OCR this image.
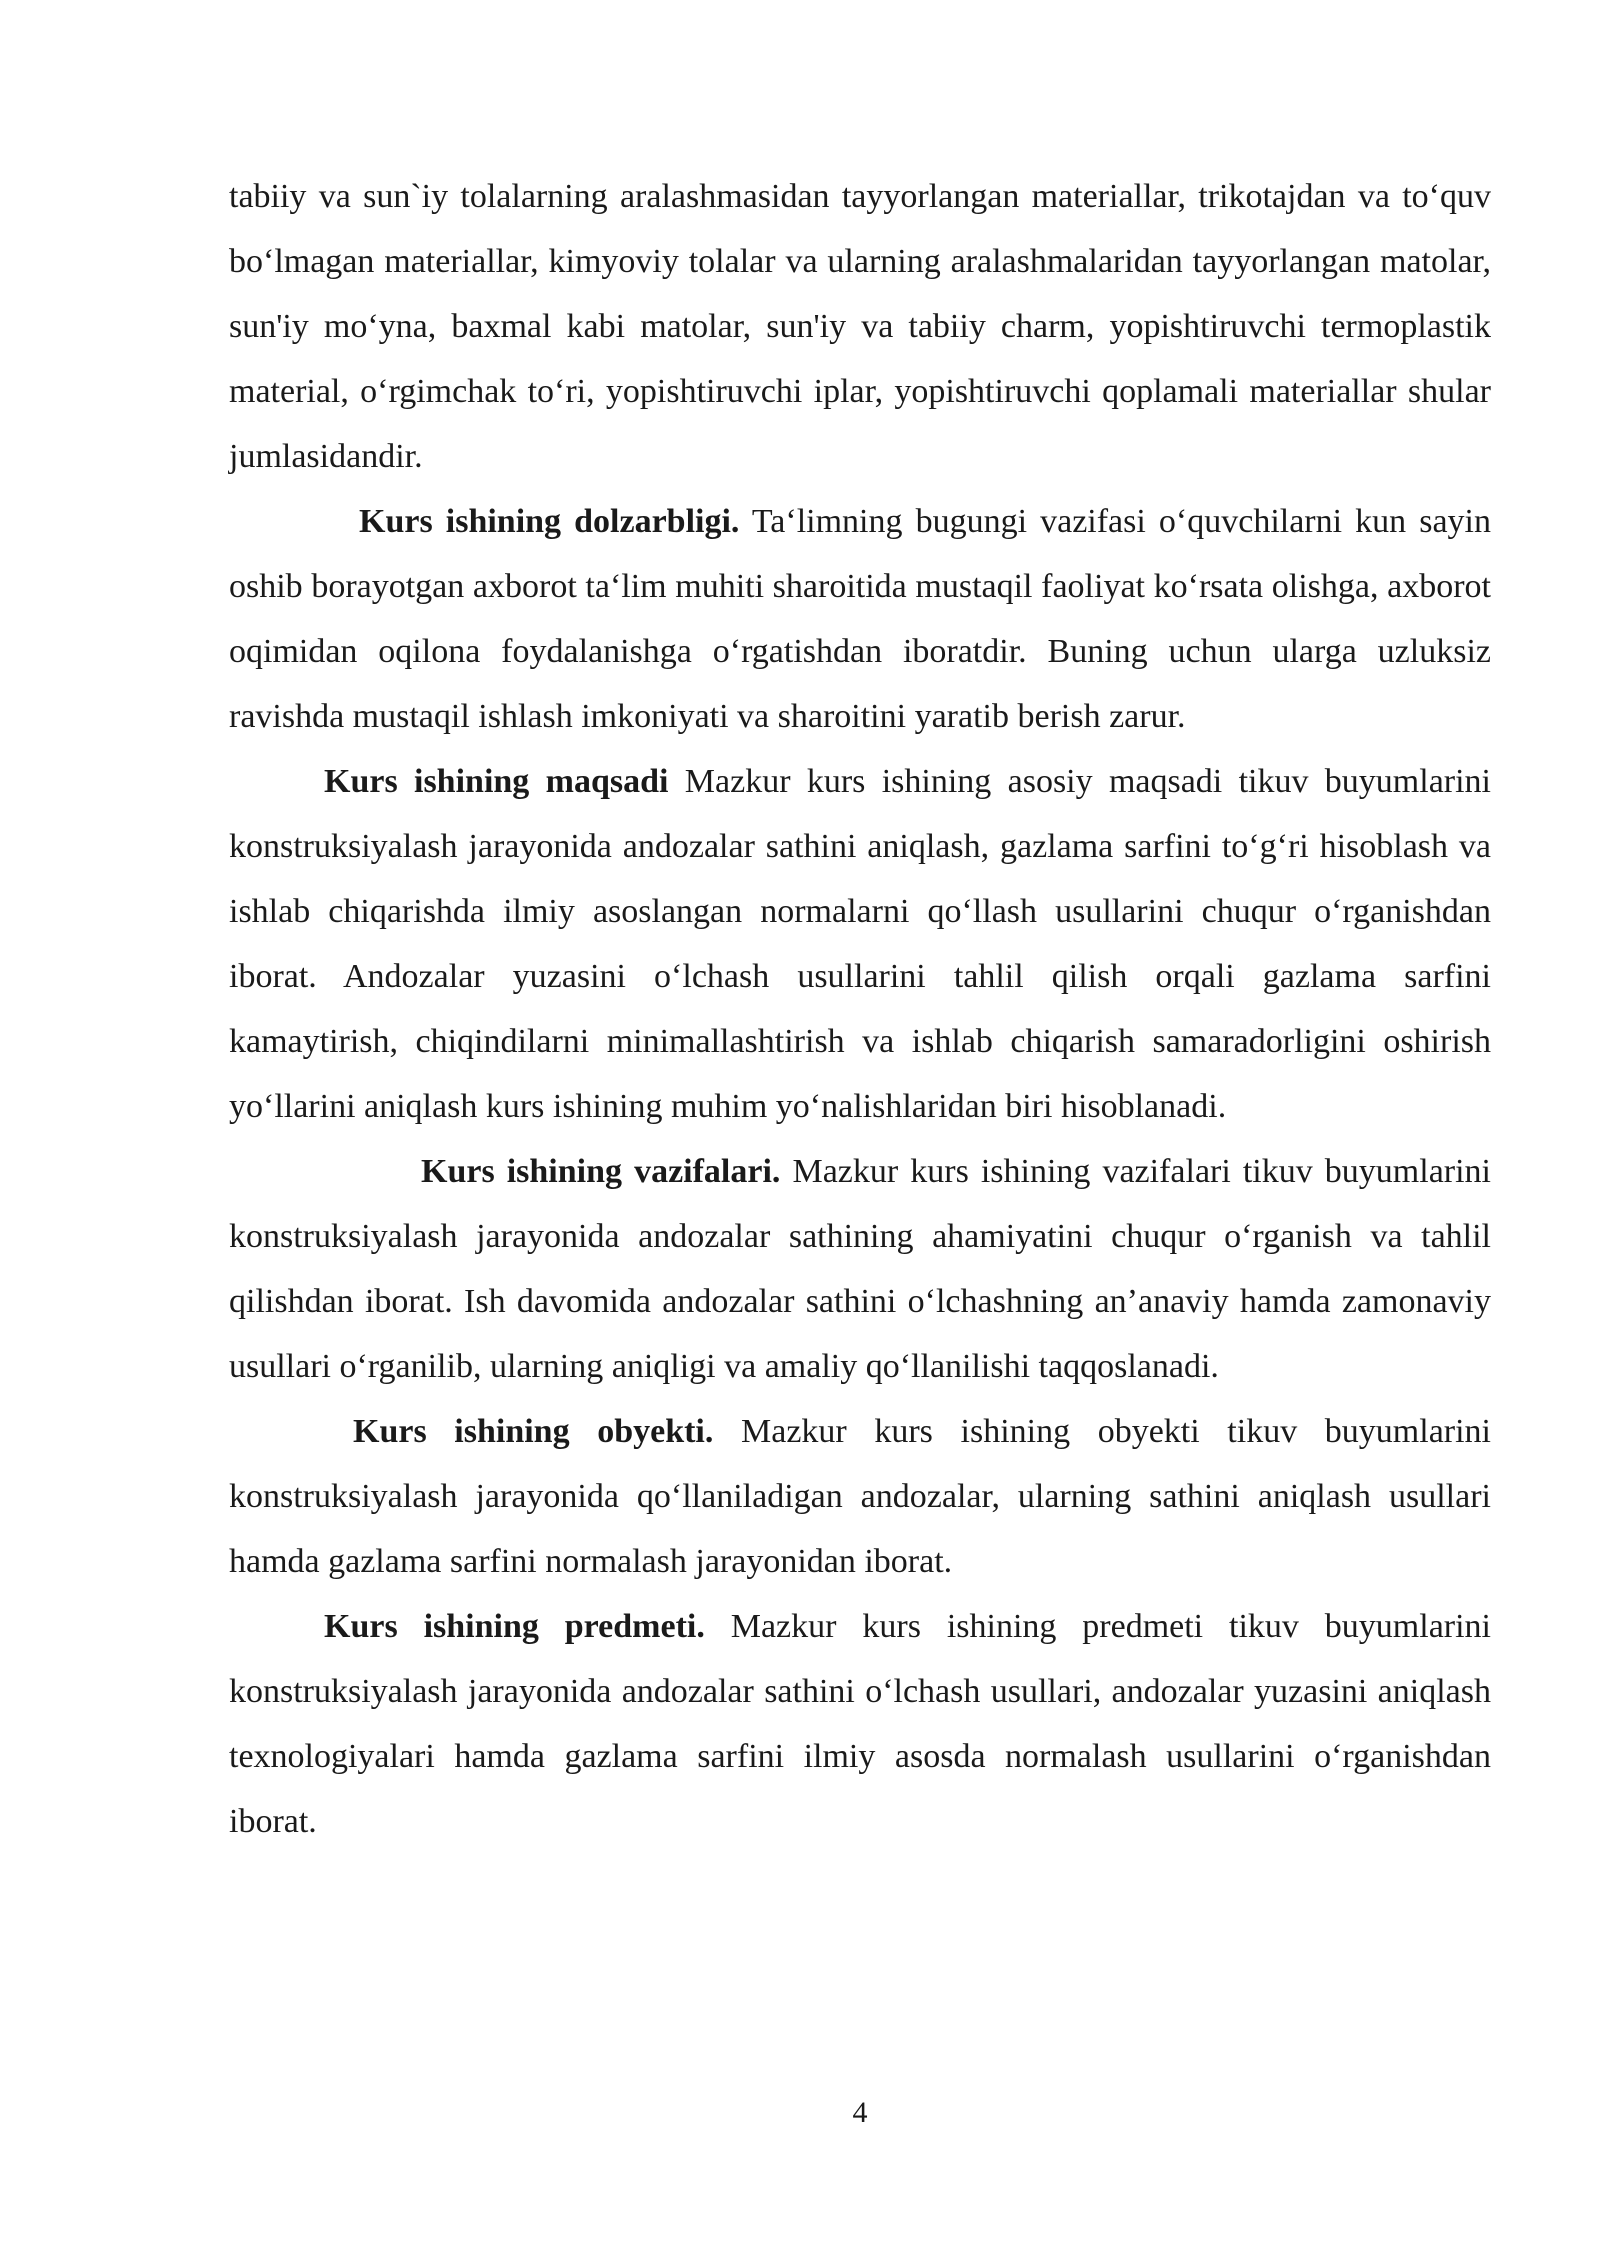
tabiiy va sun`iy tolalarning aralashmasidan tayyorlangan materiallar, trikotajdan va to‘quv bo‘lmagan materiallar, kimyoviy tolalar va ularning aralashmalaridan tayyorlangan matolar, sun'iy mo‘yna, baxmal kabi matolar, sun'iy va tabiiy charm, yopishtiruvchi termoplastik material, o‘rgimchak to‘ri, yopishtiruvchi iplar, yopishtiruvchi qoplamali materiallar shular jumlasidandir.

Kurs ishining dolzarbligi. Ta‘limning bugungi vazifasi o‘quvchilarni kun sayin oshib borayotgan axborot ta‘lim muhiti sharoitida mustaqil faoliyat ko‘rsata olishga, axborot oqimidan oqilona foydalanishga o‘rgatishdan iboratdir. Buning uchun ularga uzluksiz ravishda mustaqil ishlash imkoniyati va sharoitini yaratib berish zarur.

Kurs ishining maqsadi Mazkur kurs ishining asosiy maqsadi tikuv buyumlarini konstruksiyalash jarayonida andozalar sathini aniqlash, gazlama sarfini to‘g‘ri hisoblash va ishlab chiqarishda ilmiy asoslangan normalarni qo‘llash usullarini chuqur o‘rganishdan iborat. Andozalar yuzasini o‘lchash usullarini tahlil qilish orqali gazlama sarfini kamaytirish, chiqindilarni minimallashtirish va ishlab chiqarish samaradorligini oshirish yo‘llarini aniqlash kurs ishining muhim yo‘nalishlaridan biri hisoblanadi.

Kurs ishining vazifalari. Mazkur kurs ishining vazifalari tikuv buyumlarini konstruksiyalash jarayonida andozalar sathining ahamiyatini chuqur o‘rganish va tahlil qilishdan iborat. Ish davomida andozalar sathini o‘lchashning an’anaviy hamda zamonaviy usullari o‘rganilib, ularning aniqligi va amaliy qo‘llanilishi taqqoslanadi.

Kurs ishining obyekti. Mazkur kurs ishining obyekti tikuv buyumlarini konstruksiyalash jarayonida qo‘llaniladigan andozalar, ularning sathini aniqlash usullari hamda gazlama sarfini normalash jarayonidan iborat.

Kurs ishining predmeti. Mazkur kurs ishining predmeti tikuv buyumlarini konstruksiyalash jarayonida andozalar sathini o‘lchash usullari, andozalar yuzasini aniqlash texnologiyalari hamda gazlama sarfini ilmiy asosda normalash usullarini o‘rganishdan iborat.

4
